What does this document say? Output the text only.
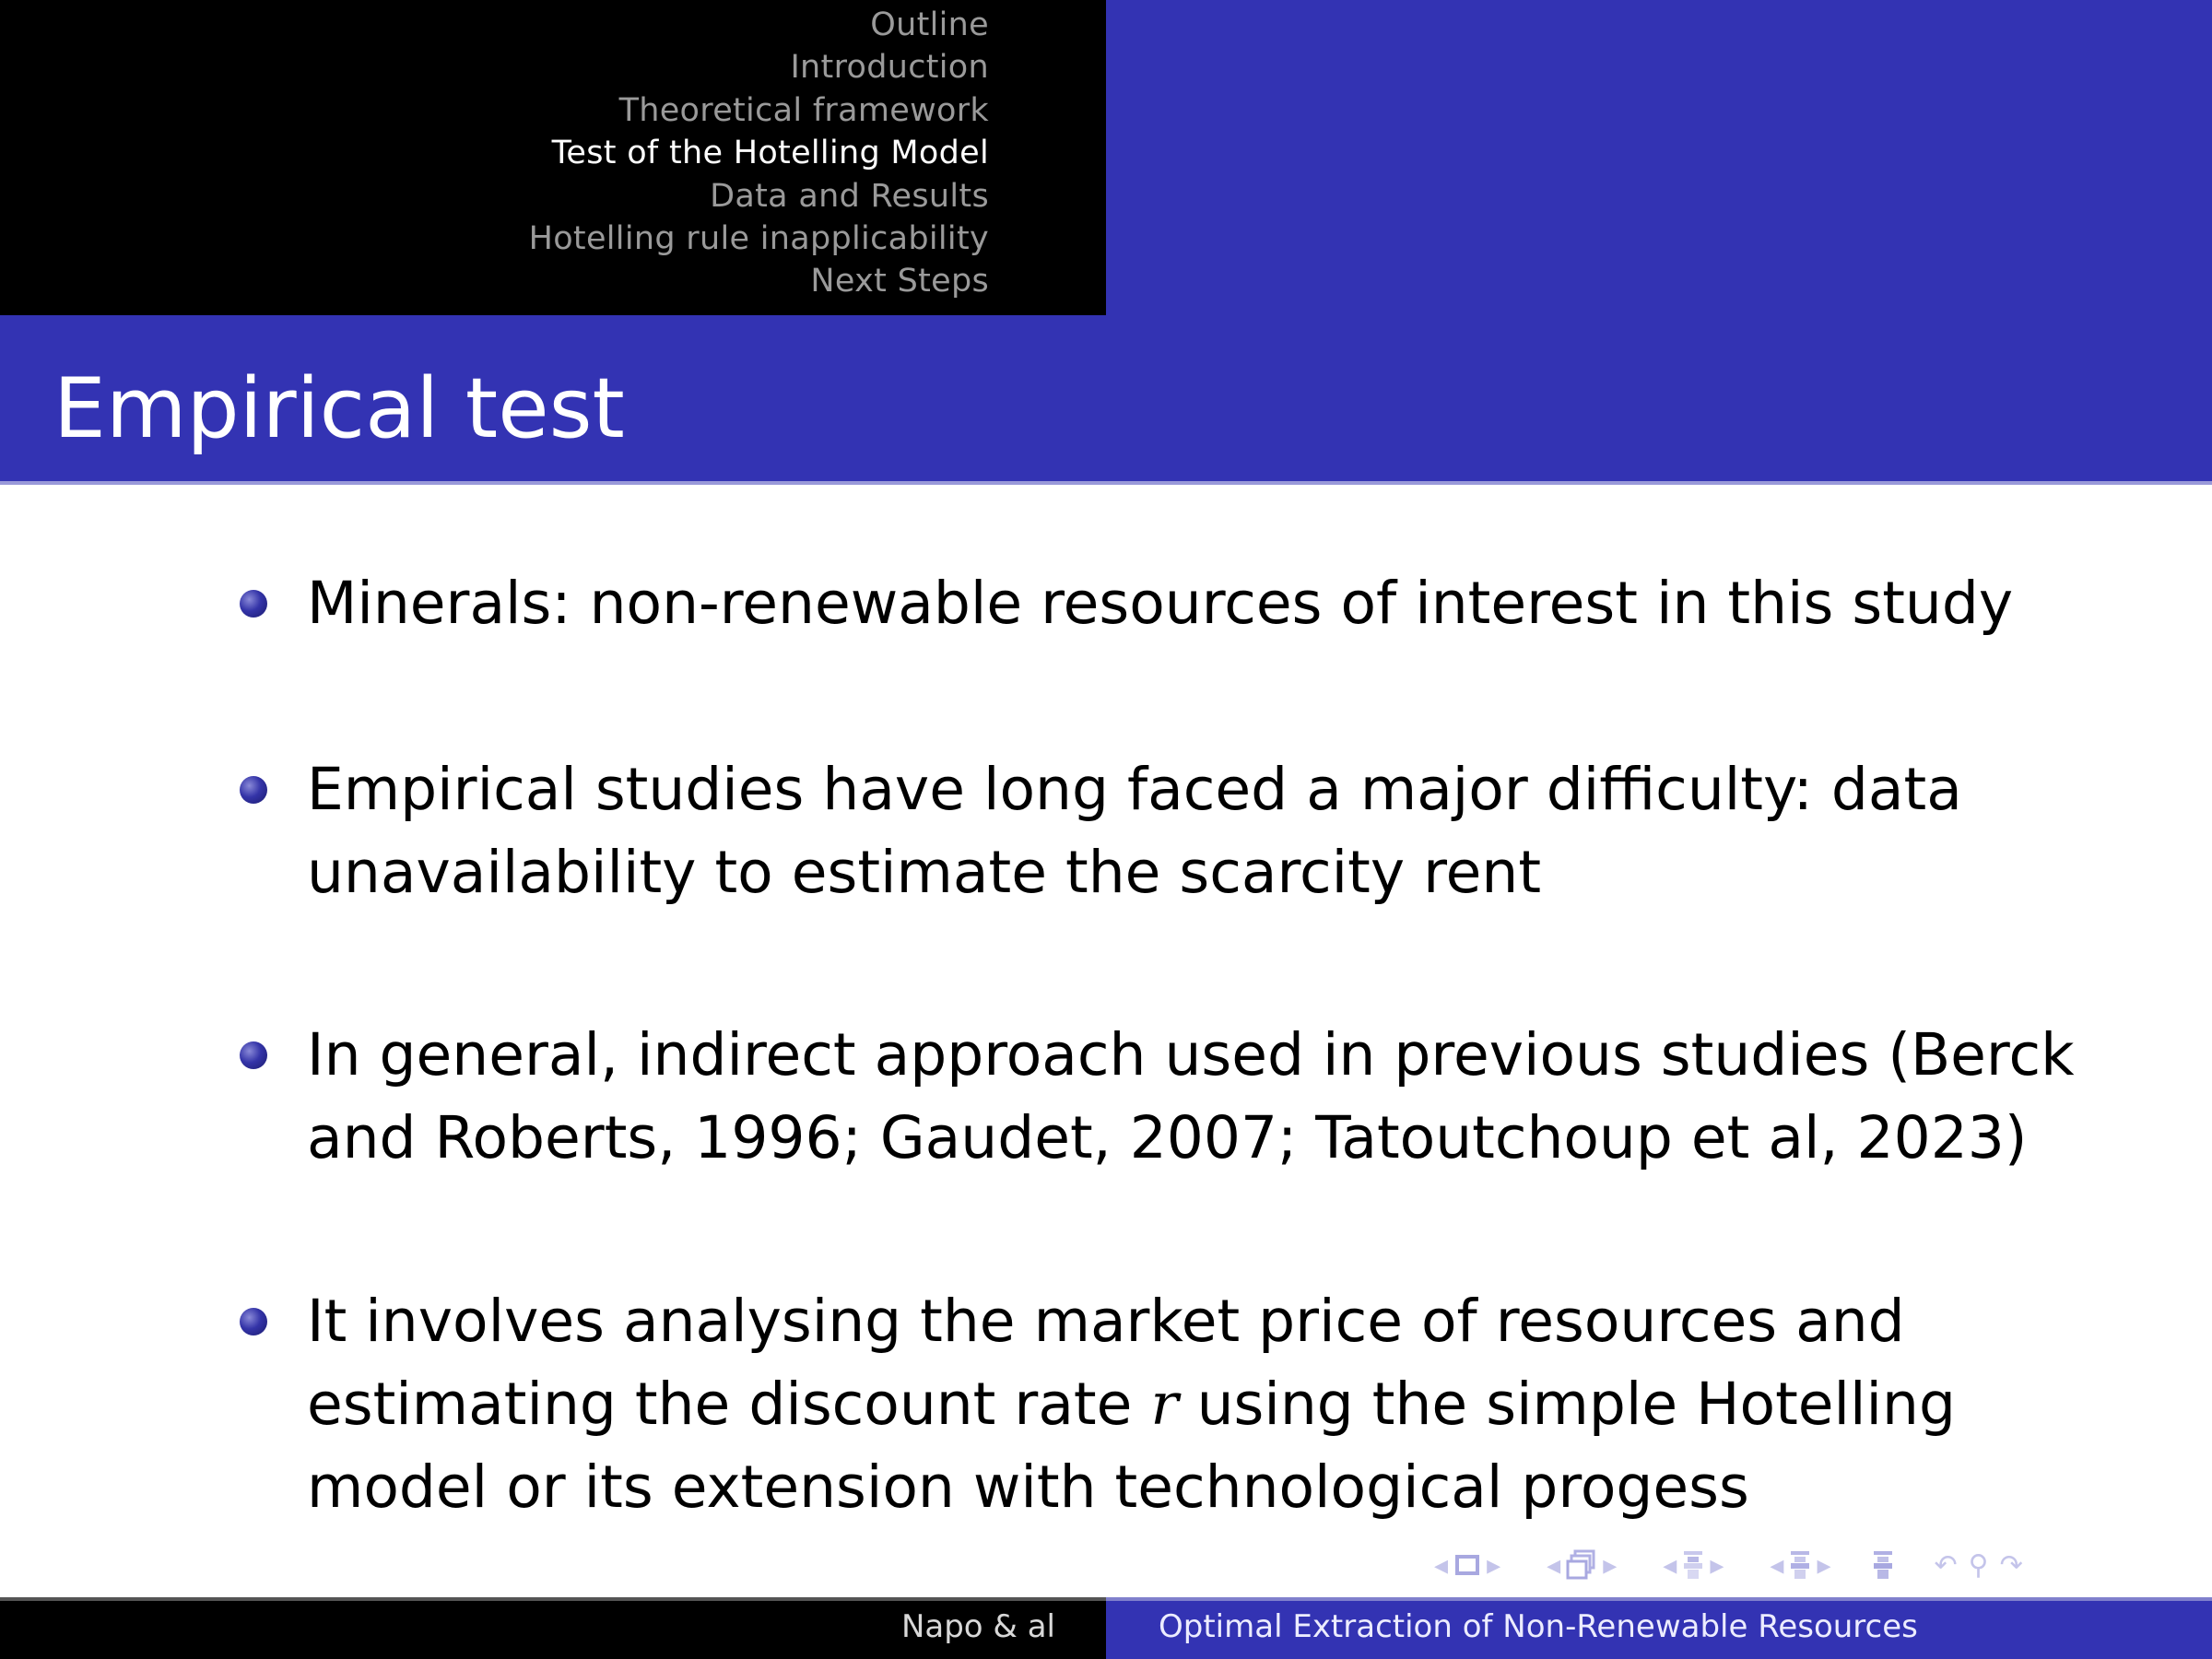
Outline
Introduction
Theoretical framework
Test of the Hotelling Model
Data and Results
Hotelling rule inapplicability
Next Steps
Empirical test
Minerals: non-renewable resources of interest in this study
Empirical studies have long faced a major difficulty: data
unavailability to estimate the scarcity rent
In general, indirect approach used in previous studies (Berck
and Roberts, 1996; Gaudet, 2007; Tatoutchoup et al, 2023)
It involves analysing the market price of resources and
estimating the discount rate r using the simple Hotelling
model or its extension with technological progess
◂ ▸ ◂ ▸ ◂ ▸ ◂ ▸	↶ ⚲ ↷
Napo & al	Optimal Extraction of Non-Renewable Resources
